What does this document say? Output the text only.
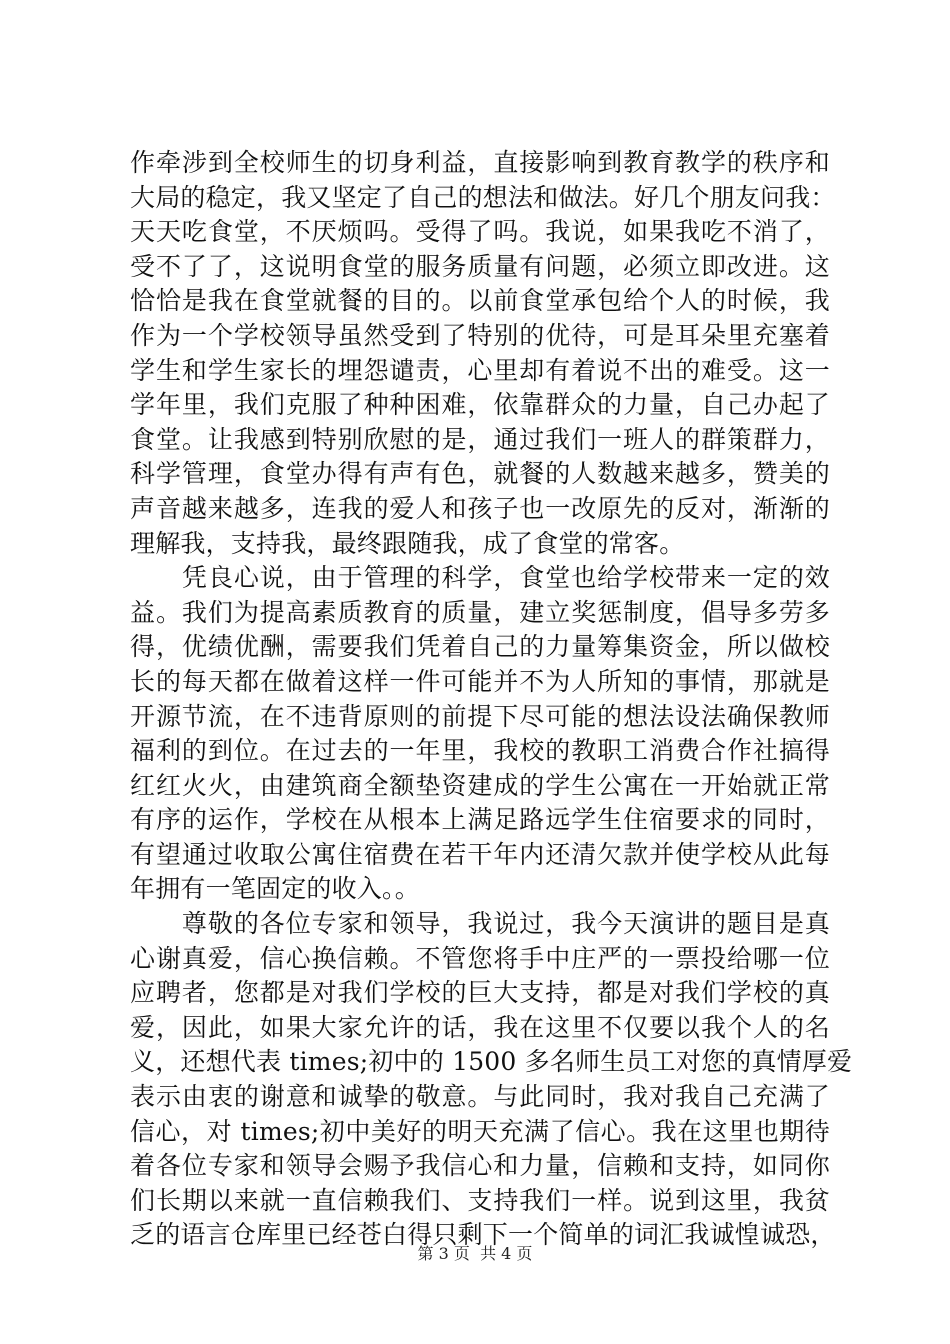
作牵涉到全校师生的切身利益，直接影响到教育教学的秩序和
大局的稳定，我又坚定了自己的想法和做法。好几个朋友问我：
天天吃食堂，不厌烦吗。受得了吗。我说，如果我吃不消了，
受不了了，这说明食堂的服务质量有问题，必须立即改进。这
恰恰是我在食堂就餐的目的。以前食堂承包给个人的时候，我
作为一个学校领导虽然受到了特别的优待，可是耳朵里充塞着
学生和学生家长的埋怨谴责，心里却有着说不出的难受。这一
学年里，我们克服了种种困难，依靠群众的力量，自己办起了
食堂。让我感到特别欣慰的是，通过我们一班人的群策群力，
科学管理，食堂办得有声有色，就餐的人数越来越多，赞美的
声音越来越多，连我的爱人和孩子也一改原先的反对，渐渐的
理解我，支持我，最终跟随我，成了食堂的常客。
　　凭良心说，由于管理的科学，食堂也给学校带来一定的效
益。我们为提高素质教育的质量，建立奖惩制度，倡导多劳多
得，优绩优酬，需要我们凭着自己的力量筹集资金，所以做校
长的每天都在做着这样一件可能并不为人所知的事情，那就是
开源节流，在不违背原则的前提下尽可能的想法设法确保教师
福利的到位。在过去的一年里，我校的教职工消费合作社搞得
红红火火，由建筑商全额垫资建成的学生公寓在一开始就正常
有序的运作，学校在从根本上满足路远学生住宿要求的同时，
有望通过收取公寓住宿费在若干年内还清欠款并使学校从此每
年拥有一笔固定的收入。。
　　尊敬的各位专家和领导，我说过，我今天演讲的题目是真
心谢真爱，信心换信赖。不管您将手中庄严的一票投给哪一位
应聘者，您都是对我们学校的巨大支持，都是对我们学校的真
爱，因此，如果大家允许的话，我在这里不仅要以我个人的名
义，还想代表 times;初中的 1500 多名师生员工对您的真情厚爱
表示由衷的谢意和诚挚的敬意。与此同时，我对我自己充满了
信心，对 times;初中美好的明天充满了信心。我在这里也期待
着各位专家和领导会赐予我信心和力量，信赖和支持，如同你
们长期以来就一直信赖我们、支持我们一样。说到这里，我贫
乏的语言仓库里已经苍白得只剩下一个简单的词汇我诚惶诚恐，
第 3 页  共 4 页
